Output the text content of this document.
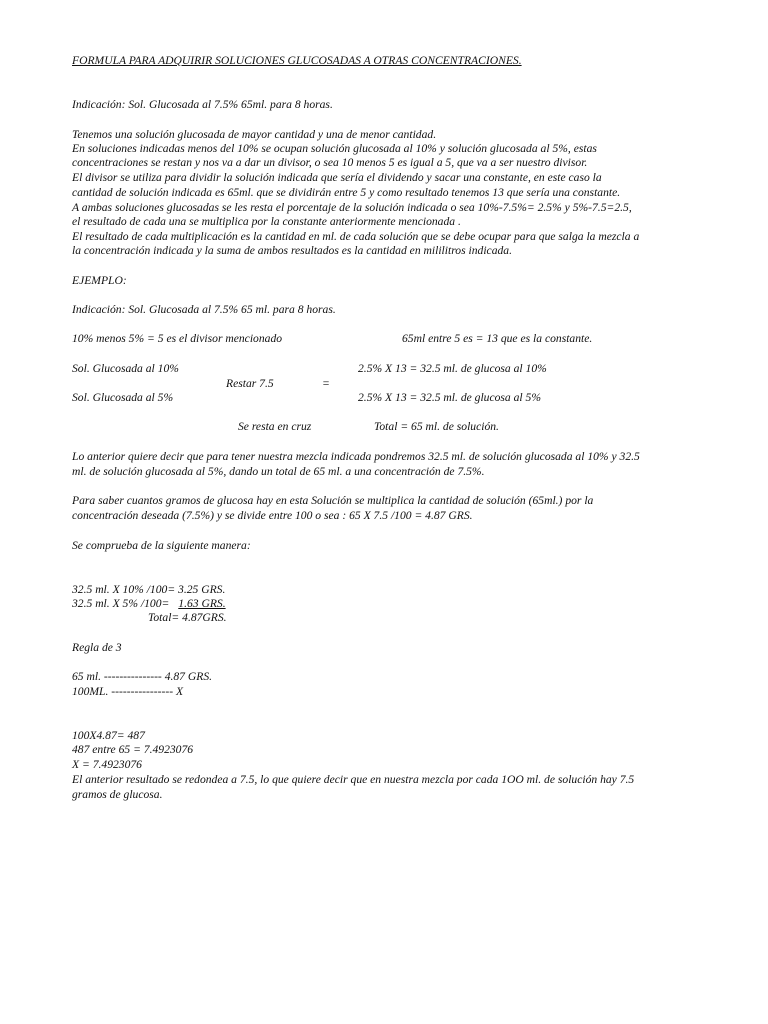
FORMULA PARA ADQUIRIR SOLUCIONES GLUCOSADAS A OTRAS CONCENTRACIONES.
Indicación: Sol. Glucosada al 7.5% 65ml. para 8 horas.
Tenemos una solución glucosada de mayor cantidad y una de menor cantidad.
En soluciones indicadas menos del 10% se ocupan solución glucosada al 10% y solución glucosada al 5%, estas
concentraciones se restan y nos va a dar un divisor, o sea 10 menos 5 es igual a 5, que va a ser nuestro divisor.
El divisor se utiliza para dividir la solución indicada que sería el dividendo y sacar una constante, en este caso la
cantidad de solución indicada es 65ml. que se dividirán entre 5 y como resultado tenemos 13 que sería una constante.
A ambas soluciones glucosadas se les resta el porcentaje de la solución indicada o sea 10%-7.5%= 2.5% y 5%-7.5=2.5,
el resultado de cada una se multiplica por la constante anteriormente mencionada .
El resultado de cada multiplicación es la cantidad en ml. de cada solución que se debe ocupar para que salga la mezcla a
la concentración indicada y la suma de ambos resultados es la cantidad en mililitros indicada.
EJEMPLO:
Indicación: Sol. Glucosada al 7.5% 65 ml. para 8 horas.
10% menos 5% = 5 es el divisor mencionado	65ml entre 5 es = 13 que es la constante.
Sol. Glucosada al 10%	2.5% X 13 = 32.5 ml. de glucosa al 10%
Restar 7.5	=
Sol. Glucosada al 5%	2.5% X 13 = 32.5 ml. de glucosa al 5%
Se resta en cruz	Total = 65 ml. de solución.
Lo anterior quiere decir que para tener nuestra mezcla indicada pondremos 32.5 ml. de solución glucosada al 10% y 32.5
ml. de solución glucosada al 5%, dando un total de 65 ml. a una concentración de 7.5%.
Para saber cuantos gramos de glucosa hay en esta Solución se multiplica la cantidad de solución (65ml.) por la
concentración deseada (7.5%) y se divide entre 100 o sea : 65 X 7.5 /100 = 4.87 GRS.
Se comprueba de la siguiente manera:
32.5 ml. X 10% /100= 3.25 GRS.
32.5 ml. X 5% /100= 1.63 GRS.
Total= 4.87GRS.
Regla de 3
65 ml. --------------- 4.87 GRS.
100ML. ---------------- X
100X4.87= 487
487 entre 65 = 7.4923076
X = 7.4923076
El anterior resultado se redondea a 7.5, lo que quiere decir que en nuestra mezcla por cada 1OO ml. de solución hay 7.5
gramos de glucosa.
